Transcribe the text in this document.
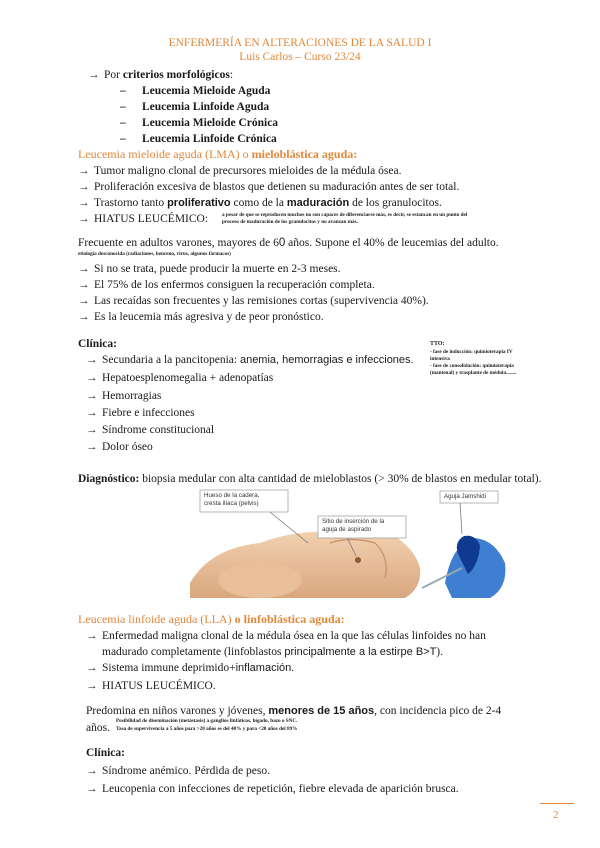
ENFERMERÍA EN ALTERACIONES DE LA SALUD I
Luis Carlos – Curso 23/24
→ Por criterios morfológicos:
– Leucemia Mieloide Aguda
– Leucemia Linfoide Aguda
– Leucemia Mieloide Crónica
– Leucemia Linfoide Crónica
Leucemia mieloide aguda (LMA) o mieloblástica aguda:
→ Tumor maligno clonal de precursores mieloides de la médula ósea.
→ Proliferación excesiva de blastos que detienen su maduración antes de ser total.
→ Trastorno tanto proliferativo como de la maduración de los granulocitos.
→ HIATUS LEUCÉMICO:	a pesar de que se reproducen muchos no son capaces de diferenciarse más, es decir, se estancan en un punto del
proceso de maduración de los granulocitos y no avanzan más.
Frecuente en adultos varones, mayores de 60 años. Supone el 40% de leucemias del adulto.
etiología desconocida (radiaciones, benceno, virus, algunos fármacos)
→ Si no se trata, puede producir la muerte en 2-3 meses.
→ El 75% de los enfermos consiguen la recuperación completa.
→ Las recaídas son frecuentes y las remisiones cortas (supervivencia 40%).
→ Es la leucemia más agresiva y de peor pronóstico.
Clínica:
→ Secundaria a la pancitopenia: anemia, hemorragias e infecciones.
→ Hepatoesplenomegalia + adenopatías
→ Hemorragias
→ Fiebre e infecciones
→ Síndrome constitucional
→ Dolor óseo
TTO:
- fase de inducción: quimioterapia IV
intensiva
- fase de consolidación: quimioterapia
(mantenal) y trasplante de médula........
Diagnóstico: biopsia medular con alta cantidad de mieloblastos (> 30% de blastos en medular total).
Hueso de la cadera,
cresta ilíaca (pelvis)
Sitio de inserción de la
aguja de aspirado
Aguja Jamshidi
Leucemia linfoide aguda (LLA) o linfoblástica aguda:
→ Enfermedad maligna clonal de la médula ósea en la que las células linfoides no han
madurado completamente (linfoblastos principalmente a la estirpe B>T).
→ Sistema immune deprimido+inflamación.
→ HIATUS LEUCÉMICO.
Predomina en niños varones y jóvenes, menores de 15 años, con incidencia pico de 2-4
años.
Posibilidad de diseminación (metástasis) a ganglios linfáticos, hígado, bazo o SNC.
Tasa de supervivencia a 5 años para >20 años es del 40% y para <20 años del 89%
Clínica:
→ Síndrome anémico. Pérdida de peso.
→ Leucopenia con infecciones de repetición, fiebre elevada de aparición brusca.
2
